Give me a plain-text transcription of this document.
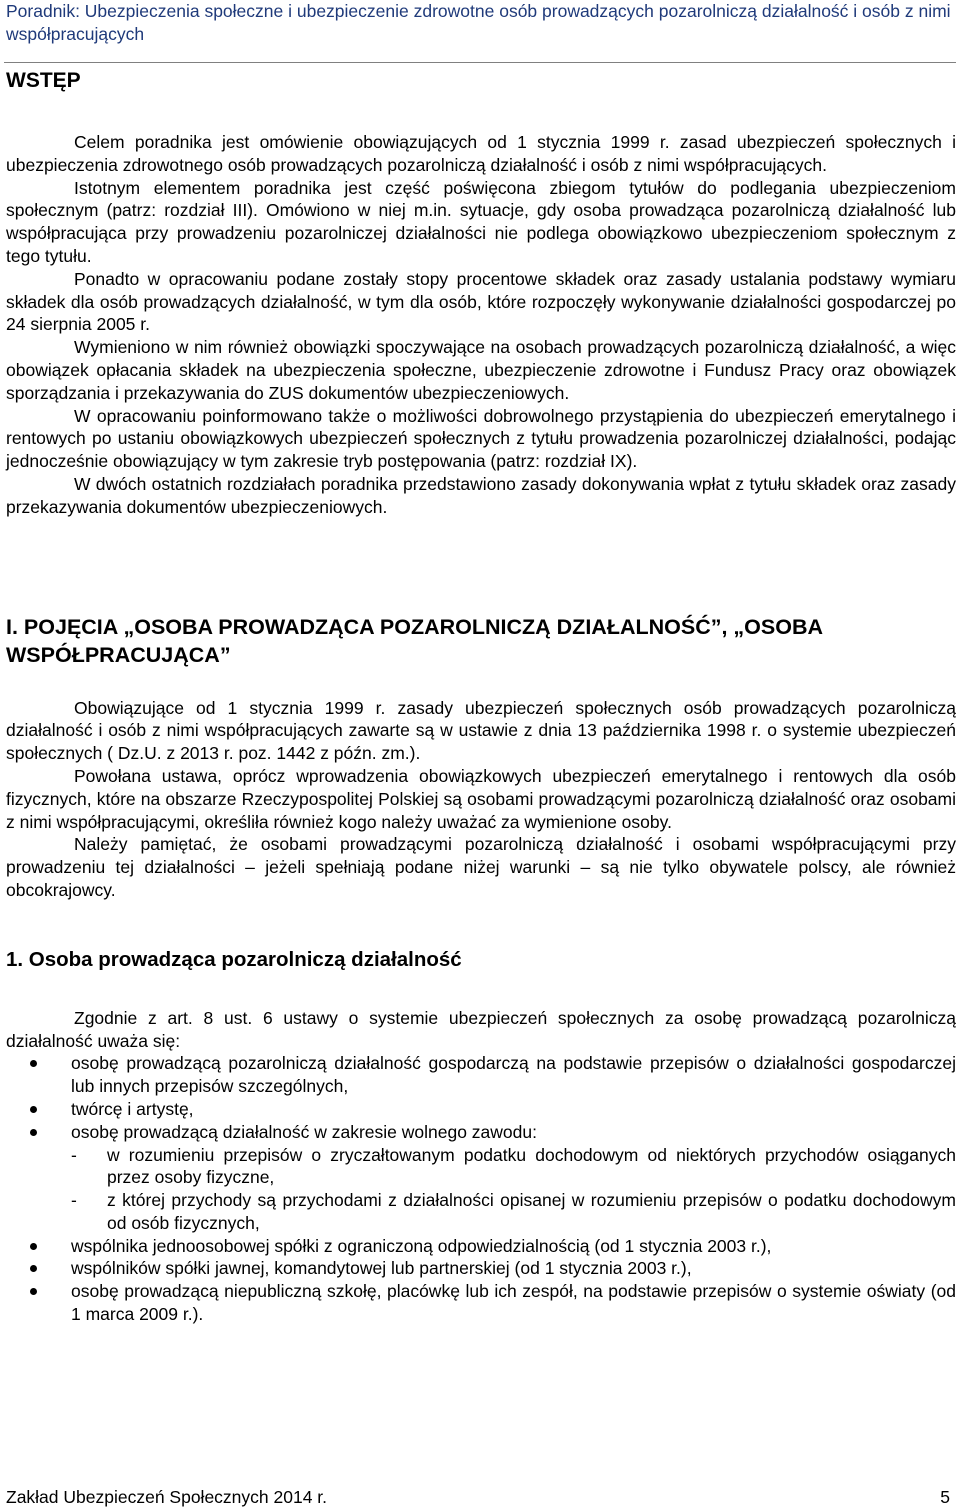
Poradnik: Ubezpieczenia społeczne i ubezpieczenie zdrowotne osób prowadzących pozarolniczą działalność i osób z nimi współpracujących
WSTĘP

Celem poradnika jest omówienie obowiązujących od 1 stycznia 1999 r. zasad ubezpieczeń społecznych i ubezpieczenia zdrowotnego osób prowadzących pozarolniczą działalność i osób z nimi współpracujących.

Istotnym elementem poradnika jest część poświęcona zbiegom tytułów do podlegania ubezpieczeniom społecznym (patrz: rozdział III). Omówiono w niej m.in. sytuacje, gdy osoba prowadząca pozarolniczą działalność lub współpracująca przy prowadzeniu pozarolniczej działalności nie podlega obowiązkowo ubezpieczeniom społecznym z tego tytułu.

Ponadto w opracowaniu podane zostały stopy procentowe składek oraz zasady ustalania podstawy wymiaru składek dla osób prowadzących działalność, w tym dla osób, które rozpoczęły wykonywanie działalności gospodarczej po 24 sierpnia 2005 r.

Wymieniono w nim również obowiązki spoczywające na osobach prowadzących pozarolniczą działalność, a więc obowiązek opłacania składek na ubezpieczenia społeczne, ubezpieczenie zdrowotne i Fundusz Pracy oraz obowiązek sporządzania i przekazywania do ZUS dokumentów ubezpieczeniowych.

W opracowaniu poinformowano także o możliwości dobrowolnego przystąpienia do ubezpieczeń emerytalnego i rentowych po ustaniu obowiązkowych ubezpieczeń społecznych z tytułu prowadzenia pozarolniczej działalności, podając jednocześnie obowiązujący w tym zakresie tryb postępowania (patrz: rozdział IX).

W dwóch ostatnich rozdziałach poradnika przedstawiono zasady dokonywania wpłat z tytułu składek oraz zasady przekazywania dokumentów ubezpieczeniowych.

I. POJĘCIA „OSOBA PROWADZĄCA POZAROLNICZĄ DZIAŁALNOŚĆ”, „OSOBA WSPÓŁPRACUJĄCA”

Obowiązujące od 1 stycznia 1999 r. zasady ubezpieczeń społecznych osób prowadzących pozarolniczą działalność i osób z nimi współpracujących zawarte są w ustawie z dnia 13 października 1998 r. o systemie ubezpieczeń społecznych ( Dz.U. z 2013 r. poz. 1442 z późn. zm.).

Powołana ustawa, oprócz wprowadzenia obowiązkowych ubezpieczeń emerytalnego i rentowych dla osób fizycznych, które na obszarze Rzeczypospolitej Polskiej są osobami prowadzącymi pozarolniczą działalność oraz osobami z nimi współpracującymi, określiła również kogo należy uważać za wymienione osoby.

Należy pamiętać, że osobami prowadzącymi pozarolniczą działalność i osobami współpracującymi przy prowadzeniu tej działalności – jeżeli spełniają podane niżej warunki – są nie tylko obywatele polscy, ale również obcokrajowcy.

1. Osoba prowadząca pozarolniczą działalność

Zgodnie z art. 8 ust. 6 ustawy o systemie ubezpieczeń społecznych za osobę prowadzącą pozarolniczą działalność uważa się:

osobę prowadzącą pozarolniczą działalność gospodarczą na podstawie przepisów o działalności gospodarczej lub innych przepisów szczególnych,
twórcę i artystę,
osobę prowadzącą działalność w zakresie wolnego zawodu:
- w rozumieniu przepisów o zryczałtowanym podatku dochodowym od niektórych przychodów osiąganych przez osoby fizyczne,
- z której przychody są przychodami z działalności opisanej w rozumieniu przepisów o podatku dochodowym od osób fizycznych,
wspólnika jednoosobowej spółki z ograniczoną odpowiedzialnością (od 1 stycznia 2003 r.),
wspólników spółki jawnej, komandytowej lub partnerskiej (od 1 stycznia 2003 r.),
osobę prowadzącą niepubliczną szkołę, placówkę lub ich zespół, na podstawie przepisów o systemie oświaty (od 1 marca 2009 r.).
Zakład Ubezpieczeń Społecznych 2014 r.	5
